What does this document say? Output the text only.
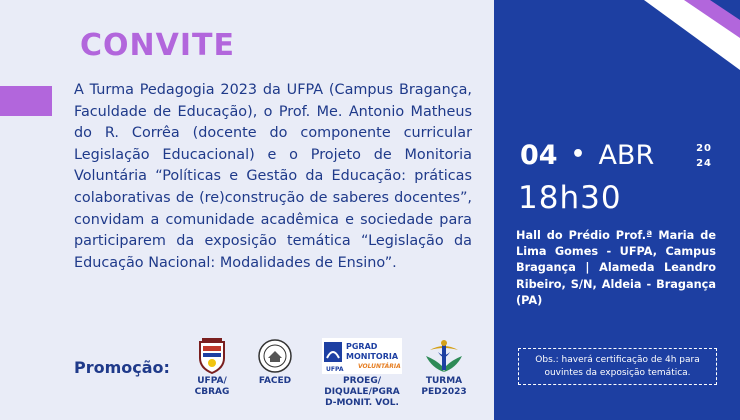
CONVITE

A Turma Pedagogia 2023 da UFPA (Campus Bragança, Faculdade de Educação), o Prof. Me. Antonio Matheus do R. Corrêa (docente do componente curricular Legislação Educacional) e o Projeto de Monitoria Voluntária “Políticas e Gestão da Educação: práticas colaborativas de (re)construção de saberes docentes”, convidam a comunidade acadêmica e sociedade para participarem da exposição temática “Legislação da Educação Nacional: Modalidades de Ensino”.

Promoção:
UFPA/
CBRAG
FACED
PGRAD
MONITORIA
VOLUNTÁRIA
UFPA
PROEG/
DIQUALE/PGRA
D-MONIT. VOL.
TURMA
PED2023
04 • ABR	20
24
18h30

Hall do Prédio Prof.ª Maria de Lima Gomes - UFPA, Campus Bragança | Alameda Leandro Ribeiro, S/N, Aldeia - Bragança (PA)

Obs.: haverá certificação de 4h para ouvintes da exposição temática.
